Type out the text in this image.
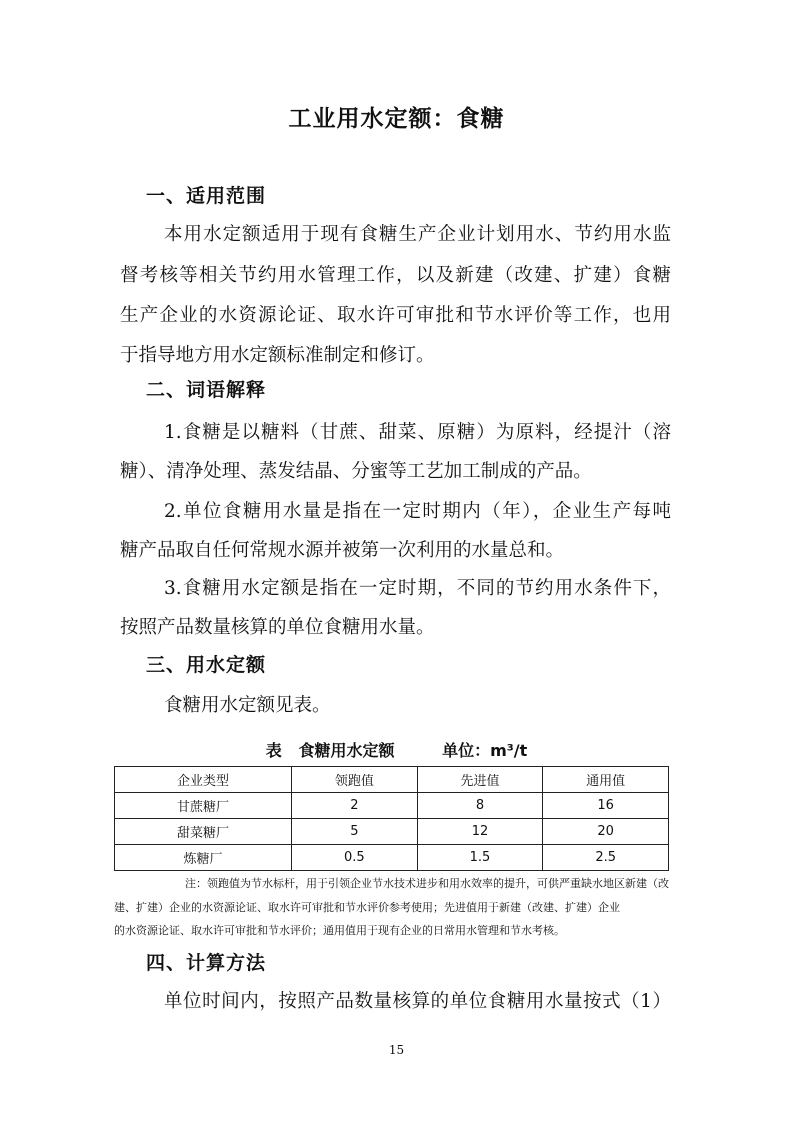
工业用水定额：食糖
一、适用范围
本用水定额适用于现有食糖生产企业计划用水、节约用水监
督考核等相关节约用水管理工作，以及新建（改建、扩建）食糖
生产企业的水资源论证、取水许可审批和节水评价等工作，也用
于指导地方用水定额标准制定和修订。
二、词语解释
1.食糖是以糖料（甘蔗、甜菜、原糖）为原料，经提汁（溶
糖）、清净处理、蒸发结晶、分蜜等工艺加工制成的产品。
2.单位食糖用水量是指在一定时期内（年），企业生产每吨
糖产品取自任何常规水源并被第一次利用的水量总和。
3.食糖用水定额是指在一定时期，不同的节约用水条件下，
按照产品数量核算的单位食糖用水量。
三、用水定额
食糖用水定额见表。
表 食糖用水定额	单位：m³/t
企业类型	领跑值	先进值	通用值
甘蔗糖厂	2	8	16
甜菜糖厂	5	12	20
炼糖厂	0.5	1.5	2.5
注：领跑值为节水标杆，用于引领企业节水技术进步和用水效率的提升，可供严重缺水地区新建（改
建、扩建）企业的水资源论证、取水许可审批和节水评价参考使用；先进值用于新建（改建、扩建）企业
的水资源论证、取水许可审批和节水评价；通用值用于现有企业的日常用水管理和节水考核。
四、计算方法
单位时间内，按照产品数量核算的单位食糖用水量按式（1）
15
